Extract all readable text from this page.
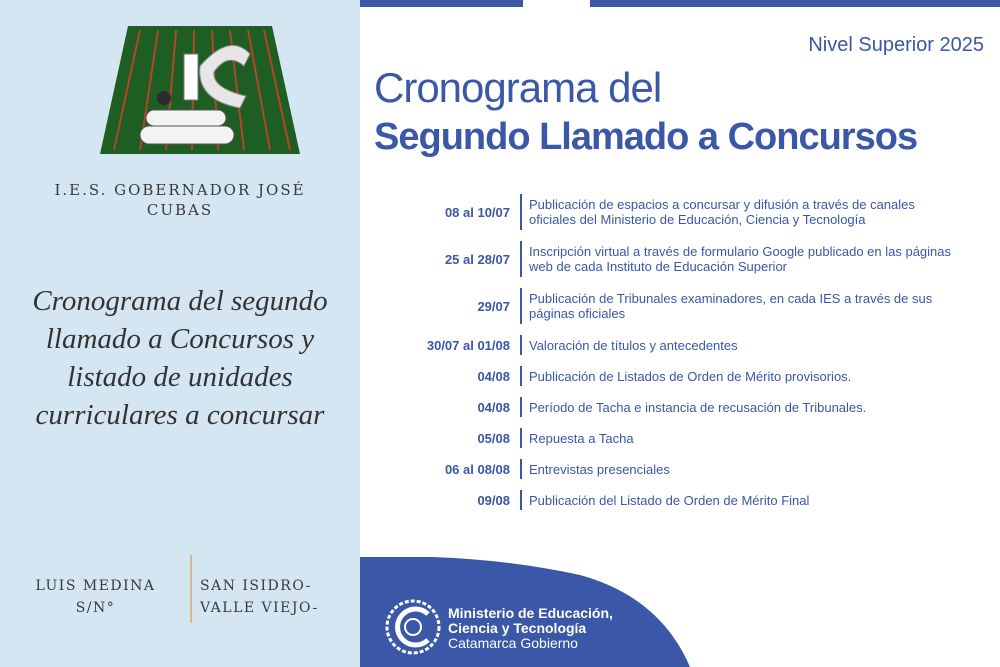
I.E.S. GOBERNADOR JOSÉ CUBAS
Cronograma del segundo llamado a Concursos y listado de unidades curriculares a concursar
LUIS MEDINA S/N°
SAN ISIDRO- VALLE VIEJO-
Nivel Superior 2025
Cronograma del
Segundo Llamado a Concursos
08 al 10/07	Publicación de espacios a concursar y difusión a través de canales oficiales del Ministerio de Educación, Ciencia y Tecnología
25 al 28/07	Inscripción virtual a través de formulario Google publicado en las páginas web de cada Instituto de Educación Superior
29/07	Publicación de Tribunales examinadores, en cada IES a través de sus páginas oficiales
30/07 al 01/08	Valoración de títulos y antecedentes
04/08	Publicación de Listados de Orden de Mérito provisorios.
04/08	Período de Tacha e instancia de recusación de Tribunales.
05/08	Repuesta a Tacha
06 al 08/08	Entrevistas presenciales
09/08	Publicación del Listado de Orden de Mérito Final
Ministerio de Educación,
Ciencia y Tecnología
Catamarca Gobierno
